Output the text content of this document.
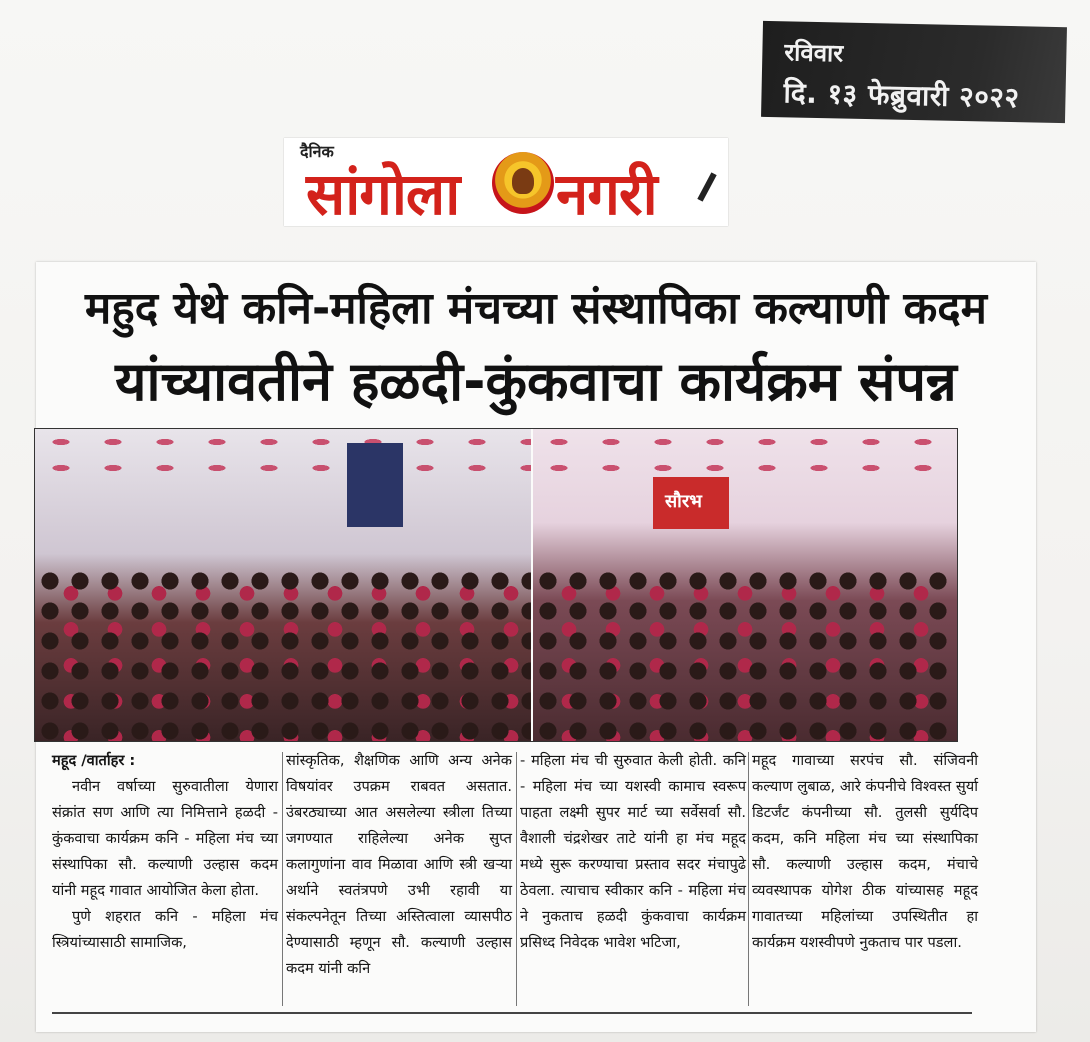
रविवार
दि. १३ फेब्रुवारी २०२२
दैनिक
सांगोला नगरी
महुद येथे कनि-महिला मंचच्या संस्थापिका कल्याणी कदम
यांच्यावतीने हळदी-कुंकवाचा कार्यक्रम संपन्न
सौरभ

महूद /वार्ताहर :

नवीन वर्षाच्या सुरुवातीला येणारा संक्रांत सण आणि त्या निमित्ताने हळदी - कुंकवाचा कार्यक्रम कनि - महिला मंच च्या संस्थापिका सौ. कल्याणी उल्हास कदम यांनी महूद गावात आयोजित केला होता.

पुणे शहरात कनि - महिला मंच स्त्रियांच्यासाठी सामाजिक,

सांस्कृतिक, शैक्षणिक आणि अन्य अनेक विषयांवर उपक्रम राबवत असतात. उंबरठ्याच्या आत असलेल्या स्त्रीला तिच्या जगण्यात राहिलेल्या अनेक सुप्त कलागुणांना वाव मिळावा आणि स्त्री खऱ्या अर्थाने स्वतंत्रपणे उभी रहावी या संकल्पनेतून तिच्या अस्तित्वाला व्यासपीठ देण्यासाठी म्हणून सौ. कल्याणी उल्हास कदम यांनी कनि

- महिला मंच ची सुरुवात केली होती. कनि - महिला मंच च्या यशस्वी कामाच स्वरूप पाहता लक्ष्मी सुपर मार्ट च्या सर्वेसर्वा सौ. वैशाली चंद्रशेखर ताटे यांनी हा मंच महूद मध्ये सुरू करण्याचा प्रस्ताव सदर मंचापुढे ठेवला. त्याचाच स्वीकार कनि - महिला मंच ने नुकताच हळदी कुंकवाचा कार्यक्रम प्रसिध्द निवेदक भावेश भटिजा,

महूद गावाच्या सरपंच सौ. संजिवनी कल्याण लुबाळ, आरे कंपनीचे विश्वस्त सुर्या डिटर्जंट कंपनीच्या सौ. तुलसी सुर्यदिप कदम, कनि महिला मंच च्या संस्थापिका सौ. कल्याणी उल्हास कदम, मंचाचे व्यवस्थापक योगेश ठीक यांच्यासह महूद गावातच्या महिलांच्या उपस्थितीत हा कार्यक्रम यशस्वीपणे नुकताच पार पडला.
